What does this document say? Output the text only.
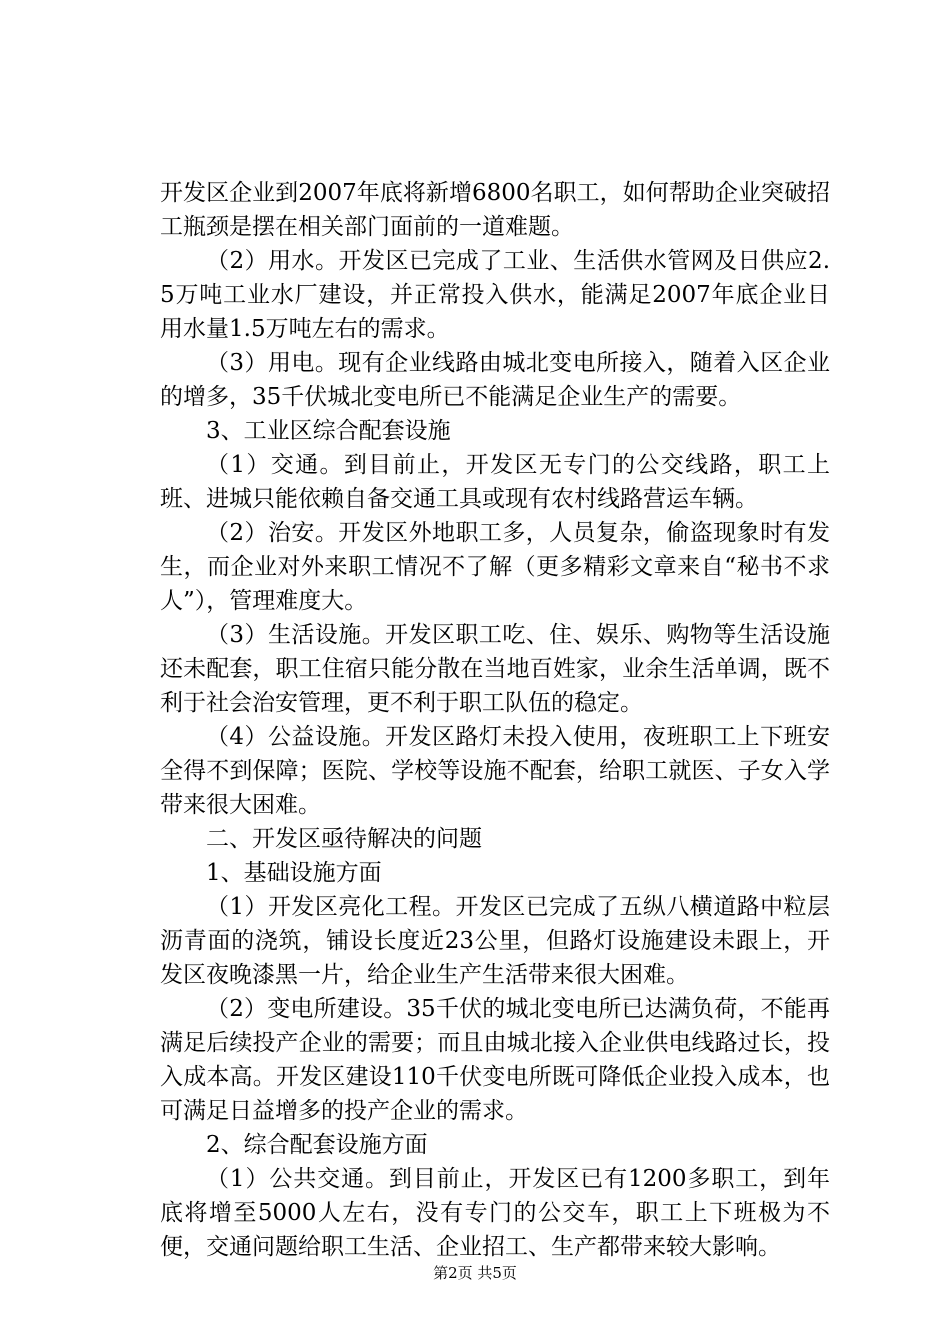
开发区企业到2007年底将新增6800名职工，如何帮助企业突破招工瓶颈是摆在相关部门面前的一道难题。

（2）用水。开发区已完成了工业、生活供水管网及日供应2.5万吨工业水厂建设，并正常投入供水，能满足2007年底企业日用水量1.5万吨左右的需求。

（3）用电。现有企业线路由城北变电所接入，随着入区企业的增多，35千伏城北变电所已不能满足企业生产的需要。

3、工业区综合配套设施

（1）交通。到目前止，开发区无专门的公交线路，职工上班、进城只能依赖自备交通工具或现有农村线路营运车辆。

（2）治安。开发区外地职工多，人员复杂，偷盗现象时有发生，而企业对外来职工情况不了解（更多精彩文章来自“秘书不求人”），管理难度大。

（3）生活设施。开发区职工吃、住、娱乐、购物等生活设施还未配套，职工住宿只能分散在当地百姓家，业余生活单调，既不利于社会治安管理，更不利于职工队伍的稳定。

（4）公益设施。开发区路灯未投入使用，夜班职工上下班安全得不到保障；医院、学校等设施不配套，给职工就医、子女入学带来很大困难。

二、开发区亟待解决的问题

1、基础设施方面

（1）开发区亮化工程。开发区已完成了五纵八横道路中粒层沥青面的浇筑，铺设长度近23公里，但路灯设施建设未跟上，开发区夜晚漆黑一片，给企业生产生活带来很大困难。

（2）变电所建设。35千伏的城北变电所已达满负荷，不能再满足后续投产企业的需要；而且由城北接入企业供电线路过长，投入成本高。开发区建设110千伏变电所既可降低企业投入成本，也可满足日益增多的投产企业的需求。

2、综合配套设施方面

（1）公共交通。到目前止，开发区已有1200多职工，到年底将增至5000人左右，没有专门的公交车，职工上下班极为不便，交通问题给职工生活、企业招工、生产都带来较大影响。

第2页 共5页
